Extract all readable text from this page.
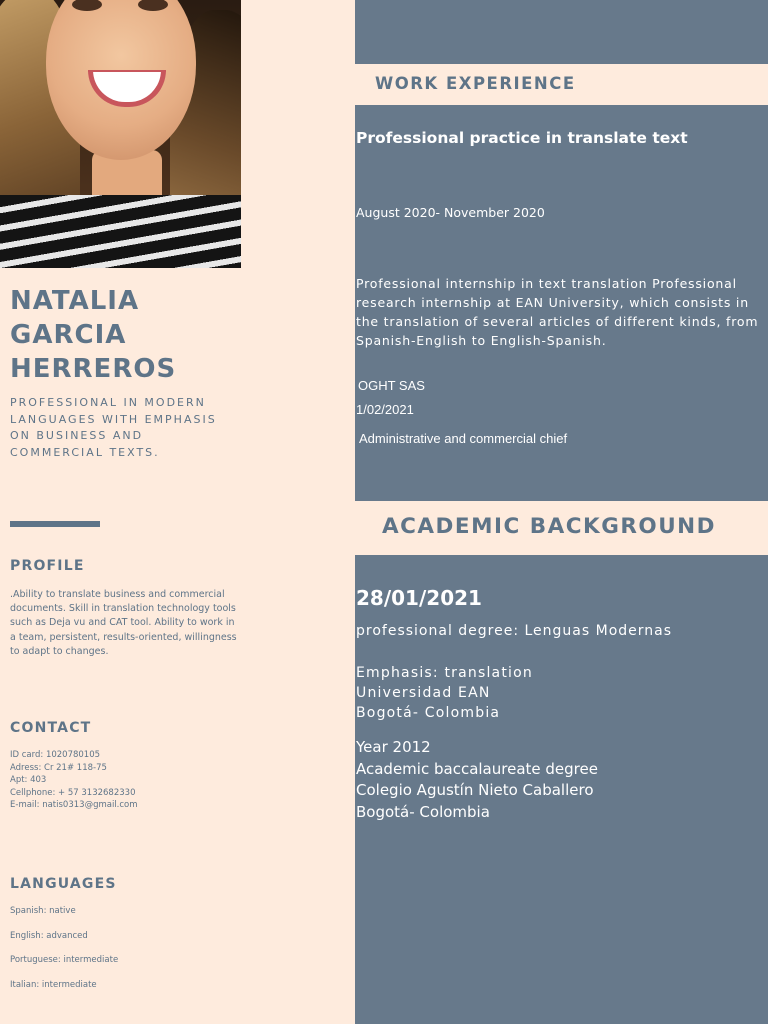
NATALIA
GARCIA
HERREROS
PROFESSIONAL IN MODERN LANGUAGES WITH EMPHASIS ON BUSINESS AND COMMERCIAL TEXTS.
PROFILE
.Ability to translate business and commercial documents. Skill in translation technology tools such as Deja vu and CAT tool. Ability to work in a team, persistent, results-oriented, willingness to adapt to changes.
CONTACT
ID card: 1020780105
Adress: Cr 21# 118-75
Apt: 403
Cellphone: + 57 3132682330
E-mail: natis0313@gmail.com
LANGUAGES
Spanish: native
English: advanced
Portuguese: intermediate
Italian: intermediate
WORK EXPERIENCE
Professional practice in translate text
August 2020- November 2020
Professional internship in text translation Professional research internship at EAN University, which consists in the translation of several articles of different kinds, from Spanish-English to English-Spanish.
OGHT SAS
1/02/2021
Administrative and commercial chief
ACADEMIC BACKGROUND
28/01/2021
professional degree: Lenguas Modernas
Emphasis: translation
Universidad EAN
Bogotá- Colombia
Year 2012
Academic baccalaureate degree
Colegio Agustín Nieto Caballero
Bogotá- Colombia
